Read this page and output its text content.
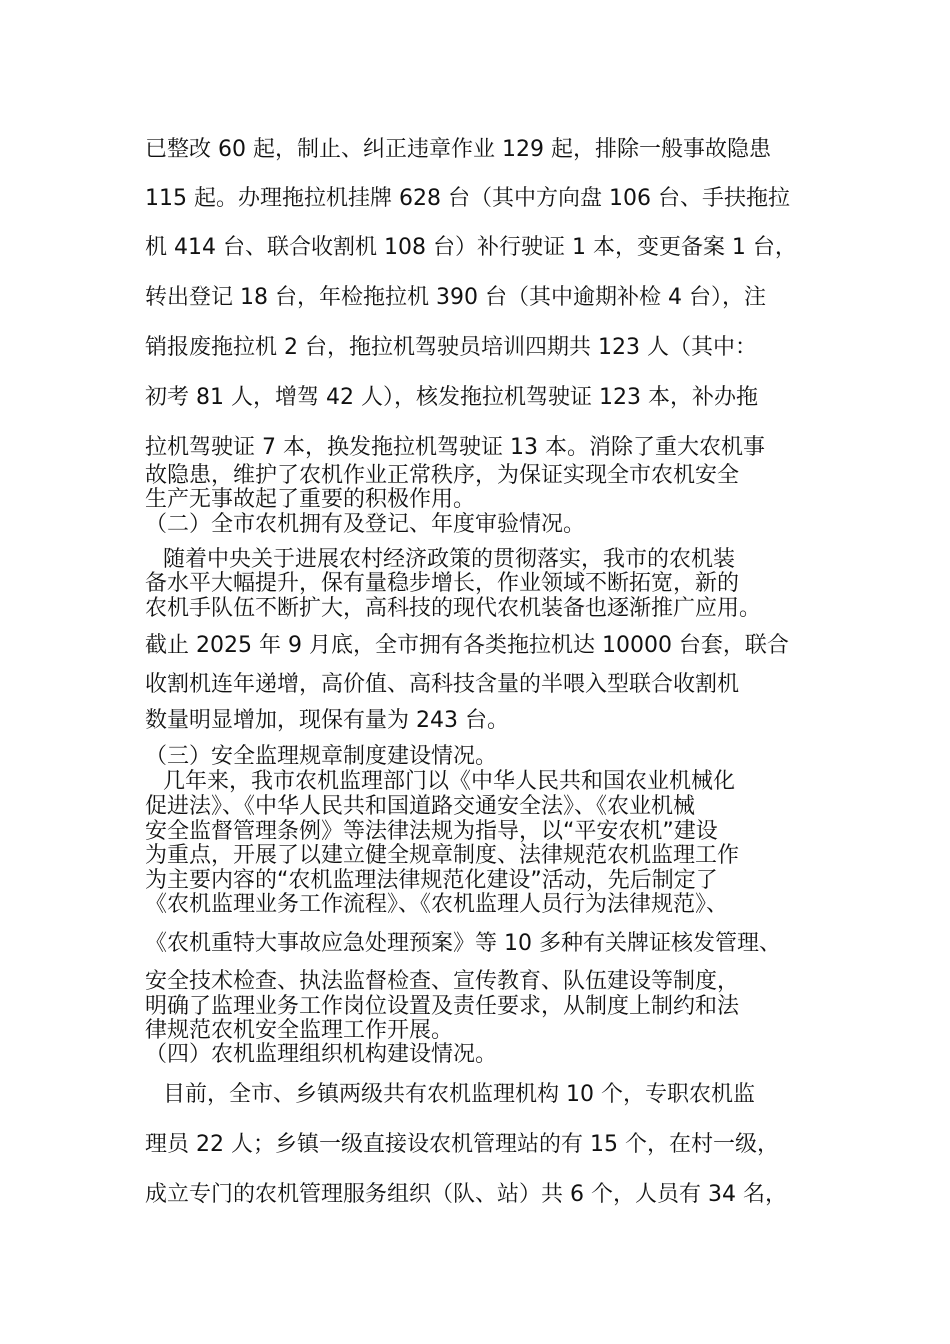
已整改 60 起，制止、纠正违章作业 129 起，排除一般事故隐患

115 起。办理拖拉机挂牌 628 台（其中方向盘 106 台、手扶拖拉

机 414 台、联合收割机 108 台）补行驶证 1 本，变更备案 1 台，

转出登记 18 台，年检拖拉机 390 台（其中逾期补检 4 台），注

销报废拖拉机 2 台，拖拉机驾驶员培训四期共 123 人（其中：

初考 81 人，增驾 42 人），核发拖拉机驾驶证 123 本，补办拖

拉机驾驶证 7 本，换发拖拉机驾驶证 13 本。消除了重大农机事

故隐患，维护了农机作业正常秩序，为保证实现全市农机安全

生产无事故起了重要的积极作用。

（二）全市农机拥有及登记、年度审验情况。

随着中央关于进展农村经济政策的贯彻落实，我市的农机装

备水平大幅提升，保有量稳步增长，作业领域不断拓宽，新的

农机手队伍不断扩大，高科技的现代农机装备也逐渐推广应用。

截止 2025 年 9 月底，全市拥有各类拖拉机达 10000 台套，联合

收割机连年递增，高价值、高科技含量的半喂入型联合收割机

数量明显增加，现保有量为 243 台。

（三）安全监理规章制度建设情况。

几年来，我市农机监理部门以《中华人民共和国农业机械化

促进法》、《中华人民共和国道路交通安全法》、《农业机械

安全监督管理条例》等法律法规为指导，以“平安农机”建设

为重点，开展了以建立健全规章制度、法律规范农机监理工作

为主要内容的“农机监理法律规范化建设”活动，先后制定了

《农机监理业务工作流程》、《农机监理人员行为法律规范》、

《农机重特大事故应急处理预案》等 10 多种有关牌证核发管理、

安全技术检查、执法监督检查、宣传教育、队伍建设等制度，

明确了监理业务工作岗位设置及责任要求，从制度上制约和法

律规范农机安全监理工作开展。

（四）农机监理组织机构建设情况。

目前，全市、乡镇两级共有农机监理机构 10 个，专职农机监

理员 22 人；乡镇一级直接设农机管理站的有 15 个，在村一级，

成立专门的农机管理服务组织（队、站）共 6 个，人员有 34 名，
